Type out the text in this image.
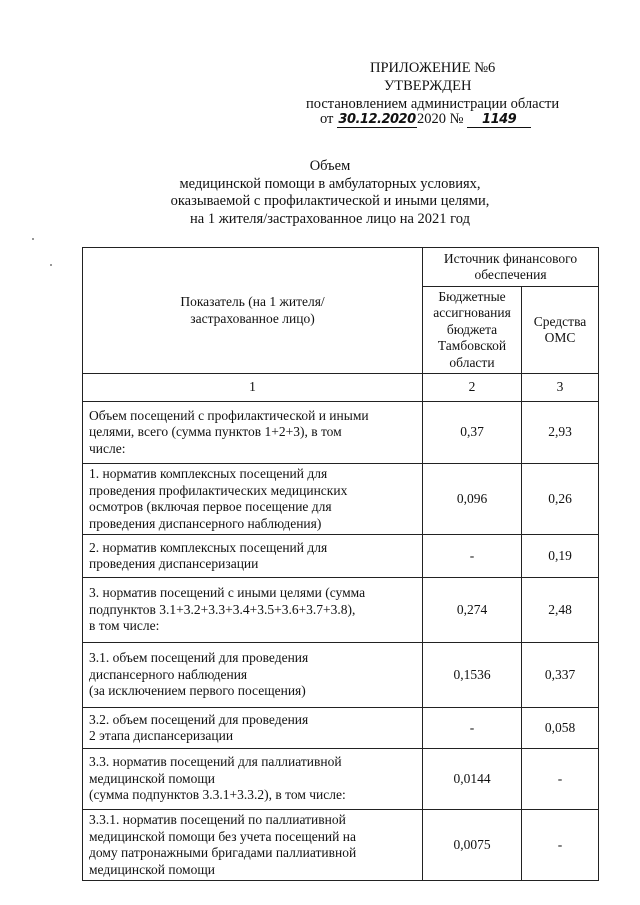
ПРИЛОЖЕНИЕ №6
УТВЕРЖДЕН
постановлением администрации области
от 30.12.20202020 № 1149
Объем
медицинской помощи в амбулаторных условиях,
оказываемой с профилактической и иными целями,
на 1 жителя/застрахованное лицо на 2021 год
Показатель (на 1 жителя/
застрахованное лицо)	Источник финансового обеспечения	
	Бюджетные ассигнования бюджета Тамбовской области	Средства ОМС
1	2	3

Объем посещений с профилактической и иными
целями, всего (сумма пунктов 1+2+3), в том
числе:	0,37	2,93

1. норматив комплексных посещений для
проведения профилактических медицинских
осмотров (включая первое посещение для
проведения диспансерного наблюдения)	0,096	0,26

2. норматив комплексных посещений для
проведения диспансеризации	-	0,19

3. норматив посещений с иными целями (сумма
подпунктов 3.1+3.2+3.3+3.4+3.5+3.6+3.7+3.8),
в том числе:	0,274	2,48

3.1. объем посещений для проведения
диспансерного наблюдения
(за исключением первого посещения)	0,1536	0,337

3.2. объем посещений для проведения
2 этапа диспансеризации	-	0,058

3.3. норматив посещений для паллиативной
медицинской помощи
(сумма подпунктов 3.3.1+3.3.2), в том числе:	0,0144	-

3.3.1. норматив посещений по паллиативной
медицинской помощи без учета посещений на
дому патронажными бригадами паллиативной
медицинской помощи	0,0075	-
